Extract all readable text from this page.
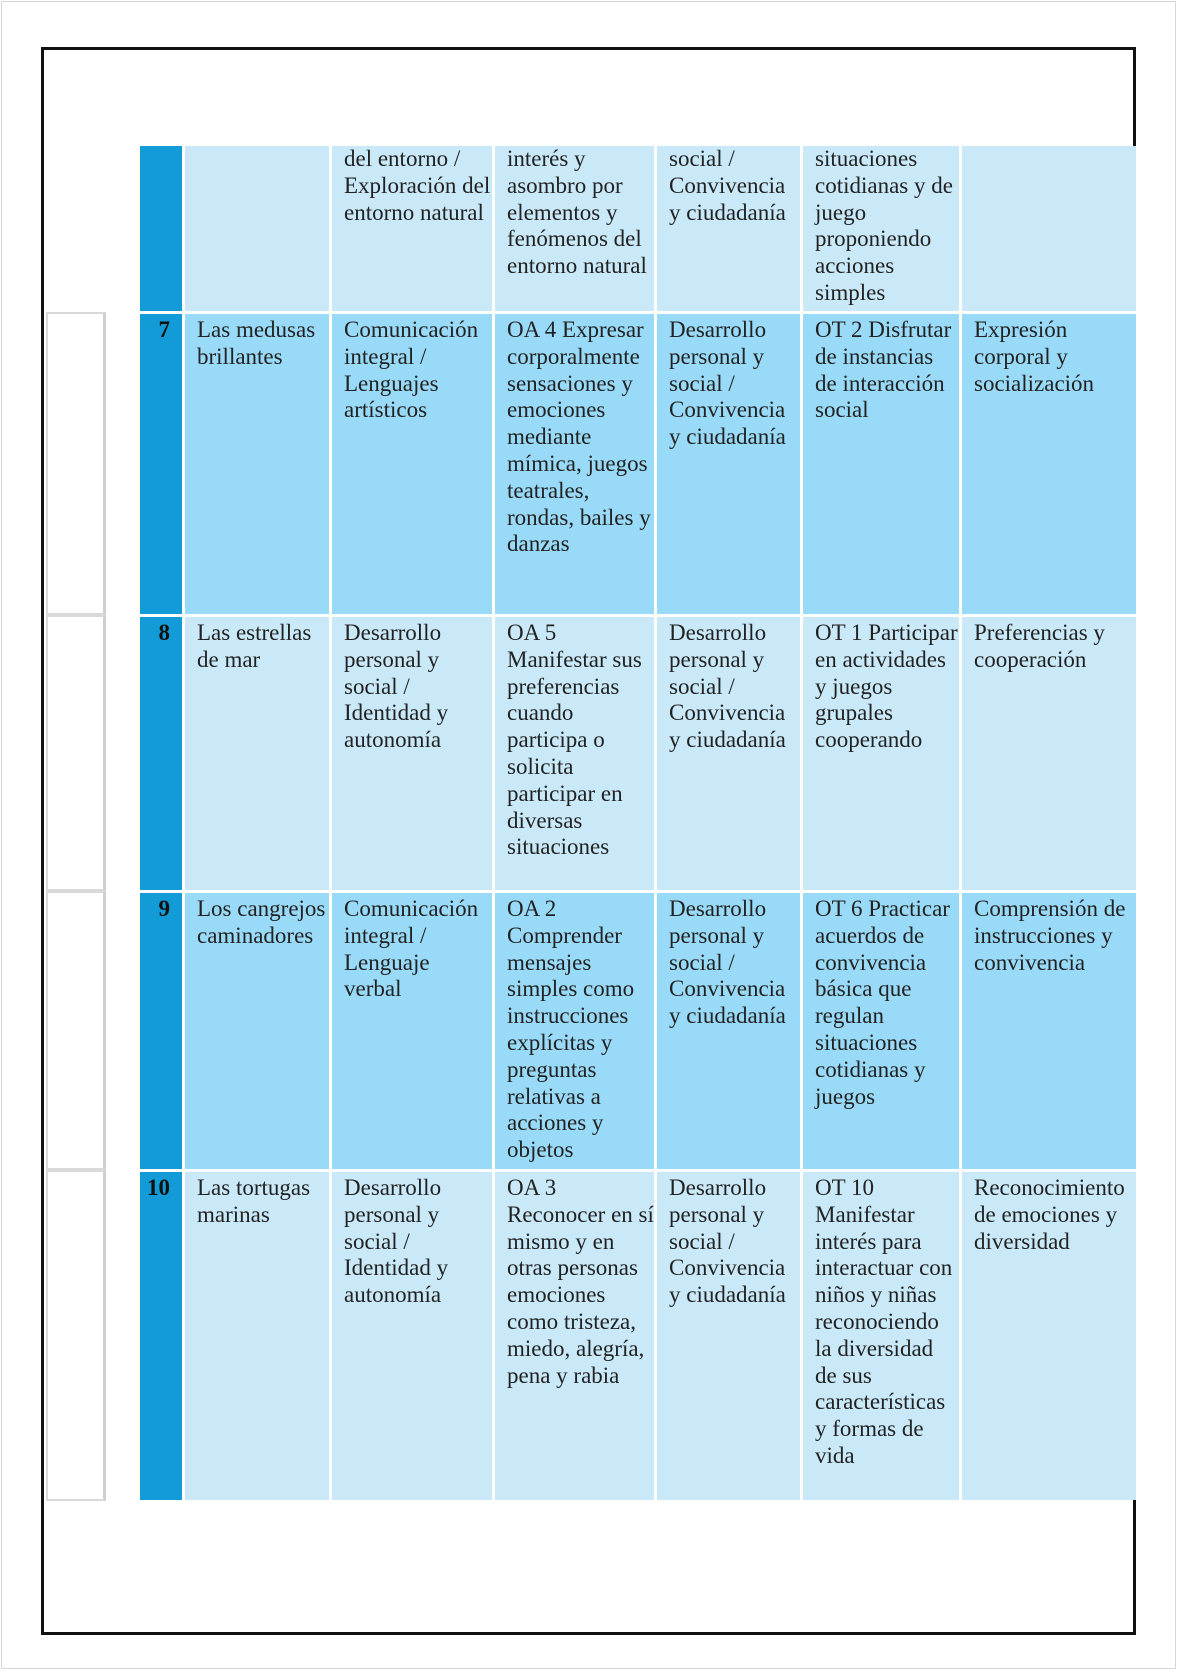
		del entorno / Exploración del entorno natural	interés y asombro por elementos y fenómenos del entorno natural	social / Convivencia y ciudadanía	situaciones cotidianas y de juego proponiendo acciones simples	
7	Las medusas brillantes	Comunicación integral / Lenguajes artísticos	OA 4 Expresar corporalmente sensaciones y emociones mediante mímica, juegos teatrales, rondas, bailes y danzas	Desarrollo personal y social / Convivencia y ciudadanía	OT 2 Disfrutar de instancias de interacción social	Expresión corporal y socialización
8	Las estrellas de mar	Desarrollo personal y social / Identidad y autonomía	OA 5 Manifestar sus preferencias cuando participa o solicita participar en diversas situaciones	Desarrollo personal y social / Convivencia y ciudadanía	OT 1 Participar en actividades y juegos grupales cooperando	Preferencias y cooperación
9	Los cangrejos caminadores	Comunicación integral / Lenguaje verbal	OA 2 Comprender mensajes simples como instrucciones explícitas y preguntas relativas a acciones y objetos	Desarrollo personal y social / Convivencia y ciudadanía	OT 6 Practicar acuerdos de convivencia básica que regulan situaciones cotidianas y juegos	Comprensión de instrucciones y convivencia
10	Las tortugas marinas	Desarrollo personal y social / Identidad y autonomía	OA 3 Reconocer en sí mismo y en otras personas emociones como tristeza, miedo, alegría, pena y rabia	Desarrollo personal y social / Convivencia y ciudadanía	OT 10 Manifestar interés para interactuar con niños y niñas reconociendo la diversidad de sus características y formas de vida	Reconocimiento de emociones y diversidad
